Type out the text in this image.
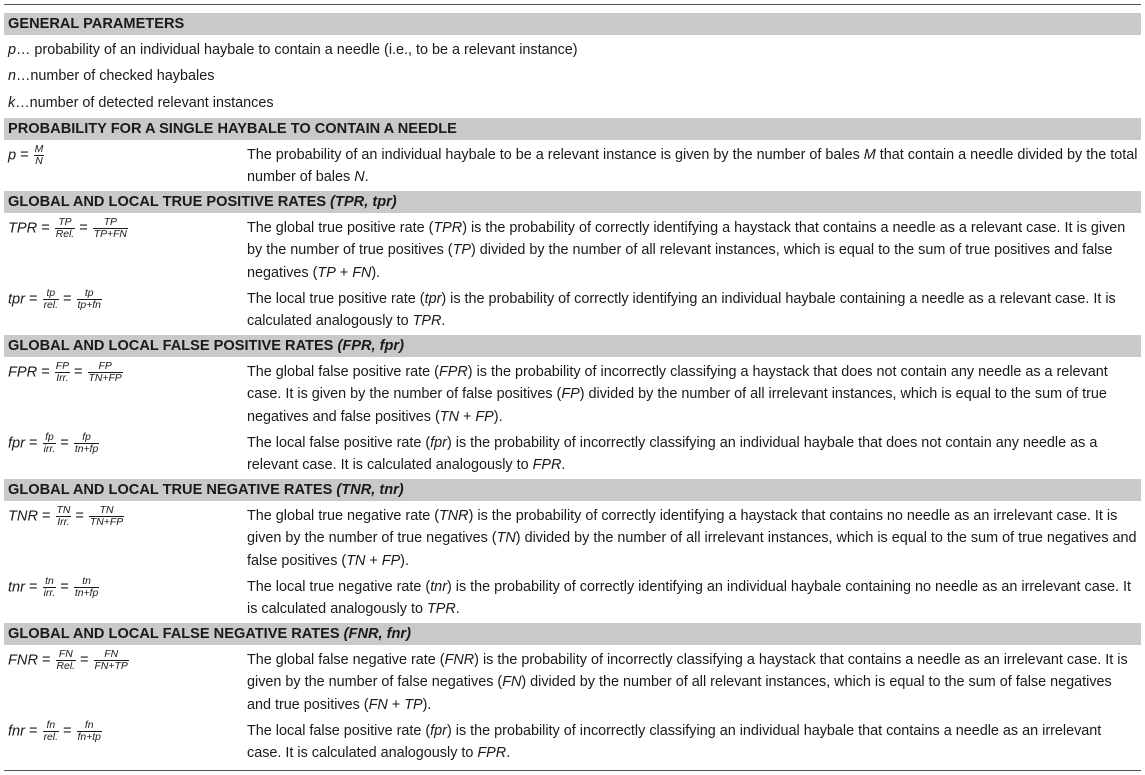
GENERAL PARAMETERS
p… probability of an individual haybale to contain a needle (i.e., to be a relevant instance)
n…number of checked haybales
k…number of detected relevant instances
PROBABILITY FOR A SINGLE HAYBALE TO CONTAIN A NEEDLE
$p = \frac{M}{N}$	The probability of an individual haybale to be a relevant instance is given by the number of bales M that contain a needle divided by the total number of bales N.
GLOBAL AND LOCAL TRUE POSITIVE RATES (TPR, tpr)
TPR = $\frac{TP}{\text{Rel.}} = \frac{TP}{TP+FN}$	The global true positive rate (TPR) is the probability of correctly identifying a haystack that contains a needle as a relevant case. It is given by the number of true positives (TP) divided by the number of all relevant instances, which is equal to the sum of true positives and false negatives (TP + FN).
tpr = $\frac{tp}{\text{rel.}} = \frac{tp}{tp+fn}$	The local true positive rate (tpr) is the probability of correctly identifying an individual haybale containing a needle as a relevant case. It is calculated analogously to TPR.
GLOBAL AND LOCAL FALSE POSITIVE RATES (FPR, fpr)
FPR = $\frac{FP}{\text{Irr.}} = \frac{FP}{TN+FP}$	The global false positive rate (FPR) is the probability of incorrectly classifying a haystack that does not contain any needle as a relevant case. It is given by the number of false positives (FP) divided by the number of all irrelevant instances, which is equal to the sum of true negatives and false positives (TN + FP).
fpr = $\frac{fp}{\text{irr.}} = \frac{fp}{tn+fp}$	The local false positive rate (fpr) is the probability of incorrectly classifying an individual haybale that does not contain any needle as a relevant case. It is calculated analogously to FPR.
GLOBAL AND LOCAL TRUE NEGATIVE RATES (TNR, tnr)
TNR = $\frac{TN}{\text{Irr.}} = \frac{TN}{TN+FP}$	The global true negative rate (TNR) is the probability of correctly identifying a haystack that contains no needle as an irrelevant case. It is given by the number of true negatives (TN) divided by the number of all irrelevant instances, which is equal to the sum of true negatives and false positives (TN + FP).
tnr = $\frac{tn}{\text{irr.}} = \frac{tn}{tn+fp}$	The local true negative rate (tnr) is the probability of correctly identifying an individual haybale containing no needle as an irrelevant case. It is calculated analogously to TPR.
GLOBAL AND LOCAL FALSE NEGATIVE RATES (FNR, fnr)
FNR = $\frac{FN}{\text{Rel.}} = \frac{FN}{FN+TP}$	The global false negative rate (FNR) is the probability of incorrectly classifying a haystack that contains a needle as an irrelevant case. It is given by the number of false negatives (FN) divided by the number of all relevant instances, which is equal to the sum of false negatives and true positives (FN + TP).
fnr = $\frac{fn}{\text{rel.}} = \frac{fn}{fn+tp}$	The local false positive rate (fpr) is the probability of incorrectly classifying an individual haybale that contains a needle as an irrelevant case. It is calculated analogously to FPR.
